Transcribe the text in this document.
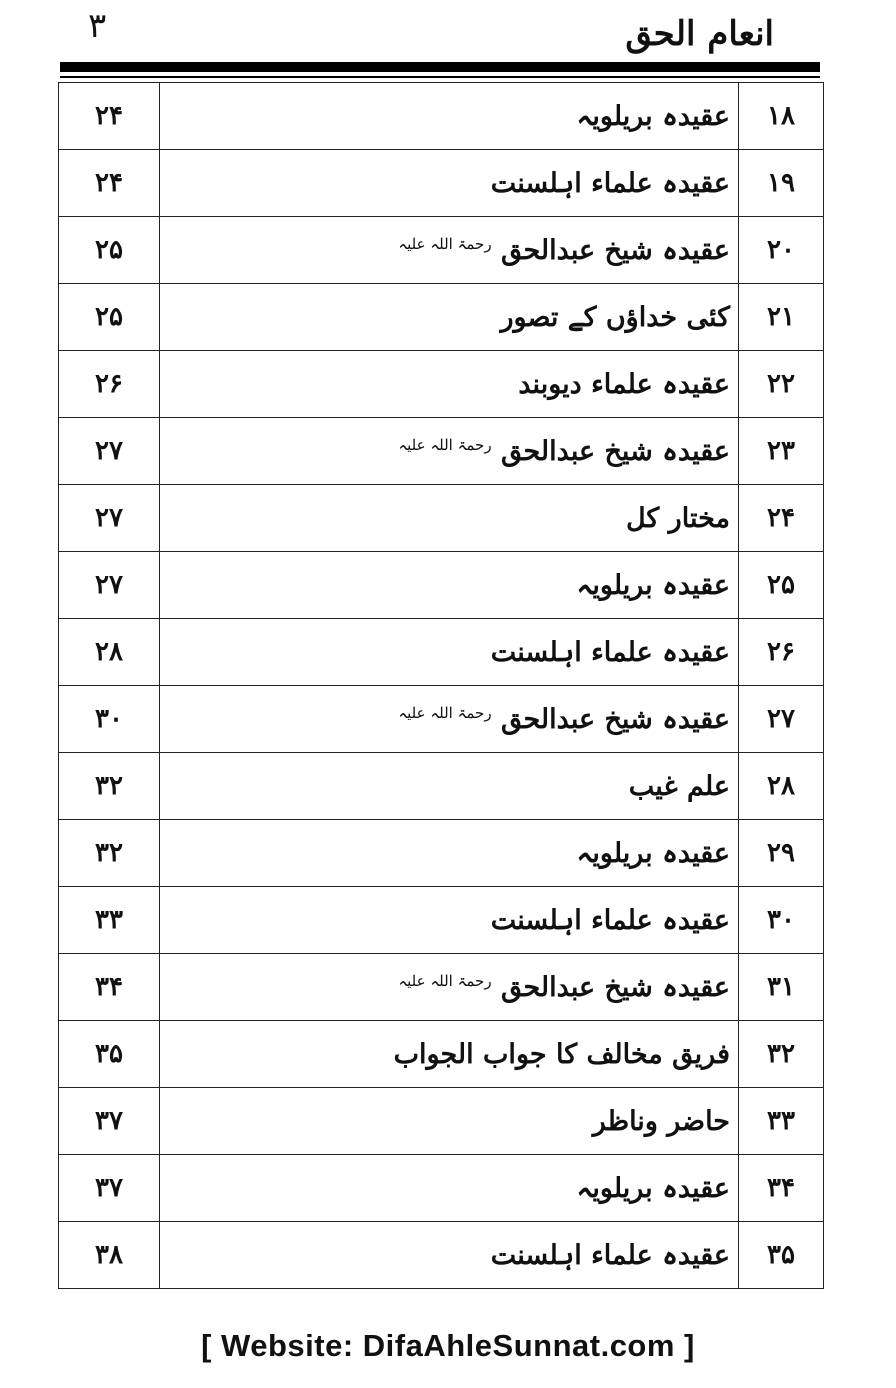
۳	انعام الحق
۲۴	عقیدہ بریلویہ	۱۸
۲۴	عقیدہ علماء اہلسنت	۱۹
۲۵	عقیدہ شیخ عبدالحق $^{رحمۃ اللہ علیہ}$	۲۰
۲۵	کئی خداؤں کے تصور	۲۱
۲۶	عقیدہ علماء دیوبند	۲۲
۲۷	عقیدہ شیخ عبدالحق $^{رحمۃ اللہ علیہ}$	۲۳
۲۷	مختار کل	۲۴
۲۷	عقیدہ بریلویہ	۲۵
۲۸	عقیدہ علماء اہلسنت	۲۶
۳۰	عقیدہ شیخ عبدالحق $^{رحمۃ اللہ علیہ}$	۲۷
۳۲	علم غیب	۲۸
۳۲	عقیدہ بریلویہ	۲۹
۳۳	عقیدہ علماء اہلسنت	۳۰
۳۴	عقیدہ شیخ عبدالحق $^{رحمۃ اللہ علیہ}$	۳۱
۳۵	فریق مخالف کا جواب الجواب	۳۲
۳۷	حاضر وناظر	۳۳
۳۷	عقیدہ بریلویہ	۳۴
۳۸	عقیدہ علماء اہلسنت	۳۵
[ Website: DifaAhleSunnat.com ]
